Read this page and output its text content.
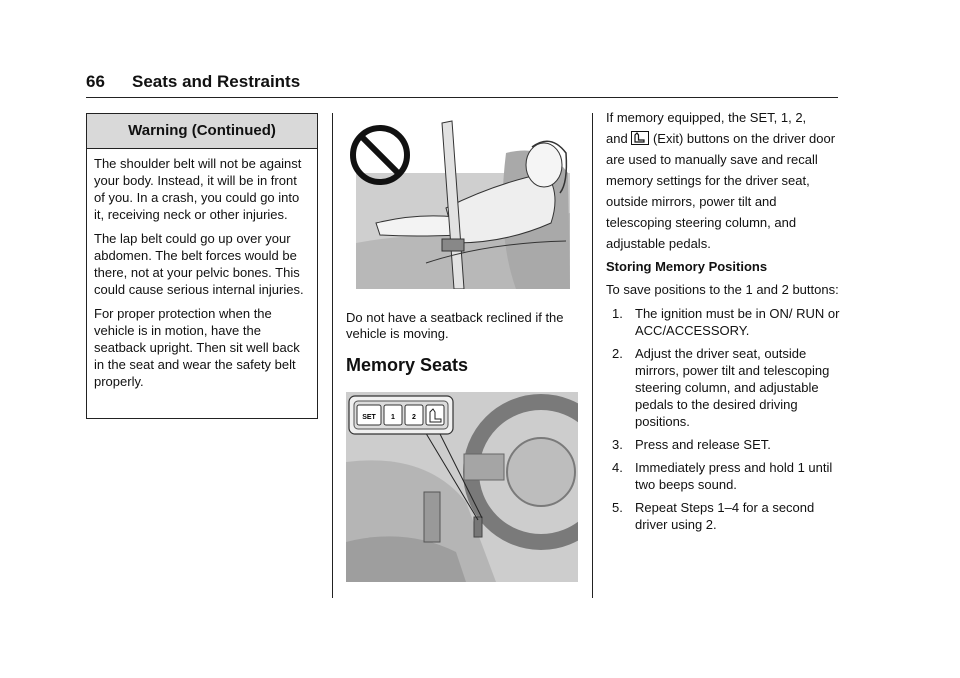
66 Seats and Restraints
Warning (Continued)

The shoulder belt will not be against your body. Instead, it will be in front of you. In a crash, you could go into it, receiving neck or other injuries.

The lap belt could go up over your abdomen. The belt forces would be there, not at your pelvic bones. This could cause serious internal injuries.

For proper protection when the vehicle is in motion, have the seatback upright. Then sit well back in the seat and wear the safety belt properly.

Do not have a seatback reclined if the vehicle is moving.
Memory Seats
SET 1 2

If memory equipped, the SET, 1, 2,
and (Exit) buttons on the driver door are used to manually save and recall memory settings for the driver seat, outside mirrors, power tilt and telescoping steering column, and adjustable pedals.

Storing Memory Positions

To save positions to the 1 and 2 buttons:

1. The ignition must be in ON/ RUN or ACC/ACCESSORY.
2. Adjust the driver seat, outside mirrors, power tilt and telescoping steering column, and adjustable pedals to the desired driving positions.
3. Press and release SET.
4. Immediately press and hold 1 until two beeps sound.
5. Repeat Steps 1–4 for a second driver using 2.
